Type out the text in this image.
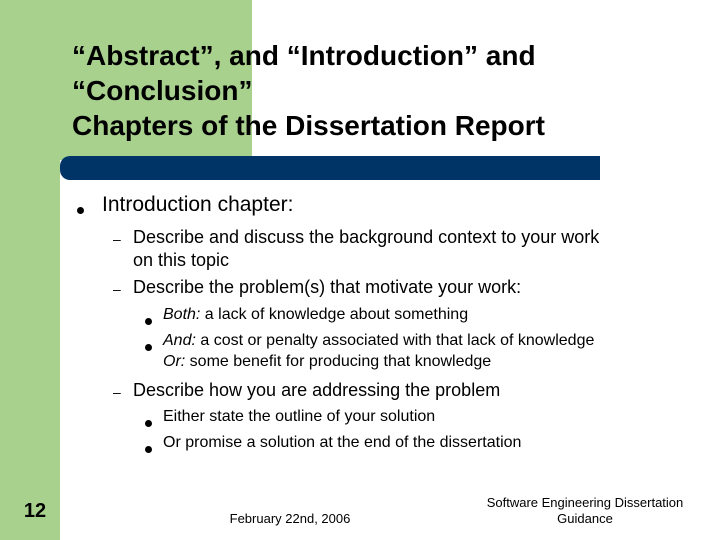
“Abstract”, and “Introduction” and
“Conclusion”
Chapters of the Dissertation Report
Introduction chapter:
– Describe and discuss the background context to your work
on this topic
– Describe the problem(s) that motivate your work:
Both: a lack of knowledge about something
And: a cost or penalty associated with that lack of knowledge
Or: some benefit for producing that knowledge
– Describe how you are addressing the problem
Either state the outline of your solution
Or promise a solution at the end of the dissertation
12	February 22nd, 2006
Software Engineering Dissertation
Guidance
